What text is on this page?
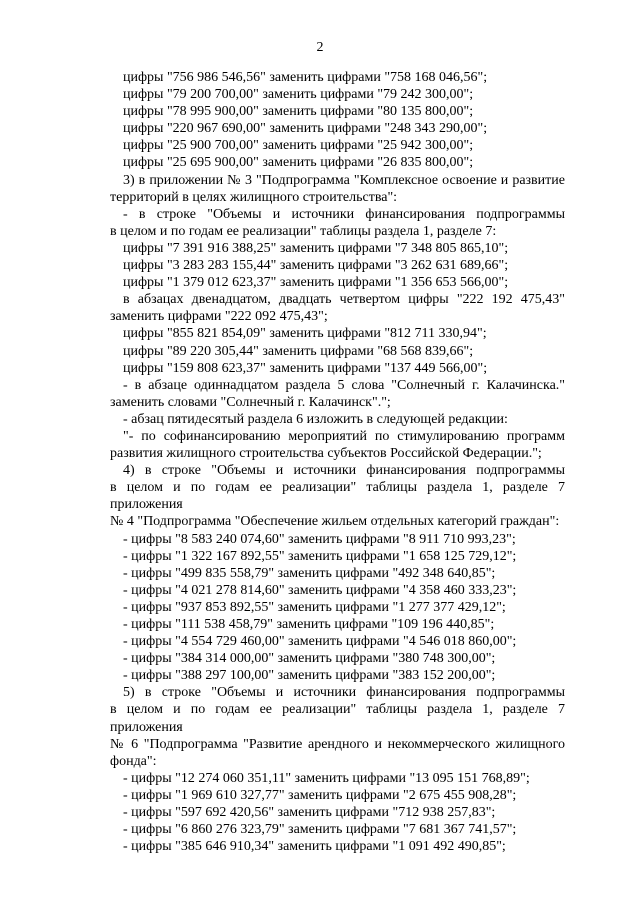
2
цифры "756 986 546,56" заменить цифрами "758 168 046,56";
цифры "79 200 700,00" заменить цифрами "79 242 300,00";
цифры "78 995 900,00" заменить цифрами "80 135 800,00";
цифры "220 967 690,00" заменить цифрами "248 343 290,00";
цифры "25 900 700,00" заменить цифрами "25 942 300,00";
цифры "25 695 900,00" заменить цифрами "26 835 800,00";
3) в приложении № 3 "Подпрограмма "Комплексное освоение и развитие
территорий в целях жилищного строительства":
- в строке "Объемы и источники финансирования подпрограммы
в целом и по годам ее реализации" таблицы раздела 1, разделе 7:
цифры "7 391 916 388,25" заменить цифрами "7 348 805 865,10";
цифры "3 283 283 155,44" заменить цифрами "3 262 631 689,66";
цифры "1 379 012 623,37" заменить цифрами "1 356 653 566,00";
в абзацах двенадцатом, двадцать четвертом цифры "222 192 475,43"
заменить цифрами "222 092 475,43";
цифры "855 821 854,09" заменить цифрами "812 711 330,94";
цифры "89 220 305,44" заменить цифрами "68 568 839,66";
цифры "159 808 623,37" заменить цифрами "137 449 566,00";
- в абзаце одиннадцатом раздела 5 слова "Солнечный г. Калачинска."
заменить словами "Солнечный г. Калачинск".";
- абзац пятидесятый раздела 6 изложить в следующей редакции:
"- по софинансированию мероприятий по стимулированию программ
развития жилищного строительства субъектов Российской Федерации.";
4) в строке "Объемы и источники финансирования подпрограммы
в целом и по годам ее реализации" таблицы раздела 1, разделе 7 приложения
№ 4 "Подпрограмма "Обеспечение жильем отдельных категорий граждан":
- цифры "8 583 240 074,60" заменить цифрами "8 911 710 993,23";
- цифры "1 322 167 892,55" заменить цифрами "1 658 125 729,12";
- цифры "499 835 558,79" заменить цифрами "492 348 640,85";
- цифры "4 021 278 814,60" заменить цифрами "4 358 460 333,23";
- цифры "937 853 892,55" заменить цифрами "1 277 377 429,12";
- цифры "111 538 458,79" заменить цифрами "109 196 440,85";
- цифры "4 554 729 460,00" заменить цифрами "4 546 018 860,00";
- цифры "384 314 000,00" заменить цифрами "380 748 300,00";
- цифры "388 297 100,00" заменить цифрами "383 152 200,00";
5) в строке "Объемы и источники финансирования подпрограммы
в целом и по годам ее реализации" таблицы раздела 1, разделе 7 приложения
№ 6 "Подпрограмма "Развитие арендного и некоммерческого жилищного
фонда":
- цифры "12 274 060 351,11" заменить цифрами "13 095 151 768,89";
- цифры "1 969 610 327,77" заменить цифрами "2 675 455 908,28";
- цифры "597 692 420,56" заменить цифрами "712 938 257,83";
- цифры "6 860 276 323,79" заменить цифрами "7 681 367 741,57";
- цифры "385 646 910,34" заменить цифрами "1 091 492 490,85";
